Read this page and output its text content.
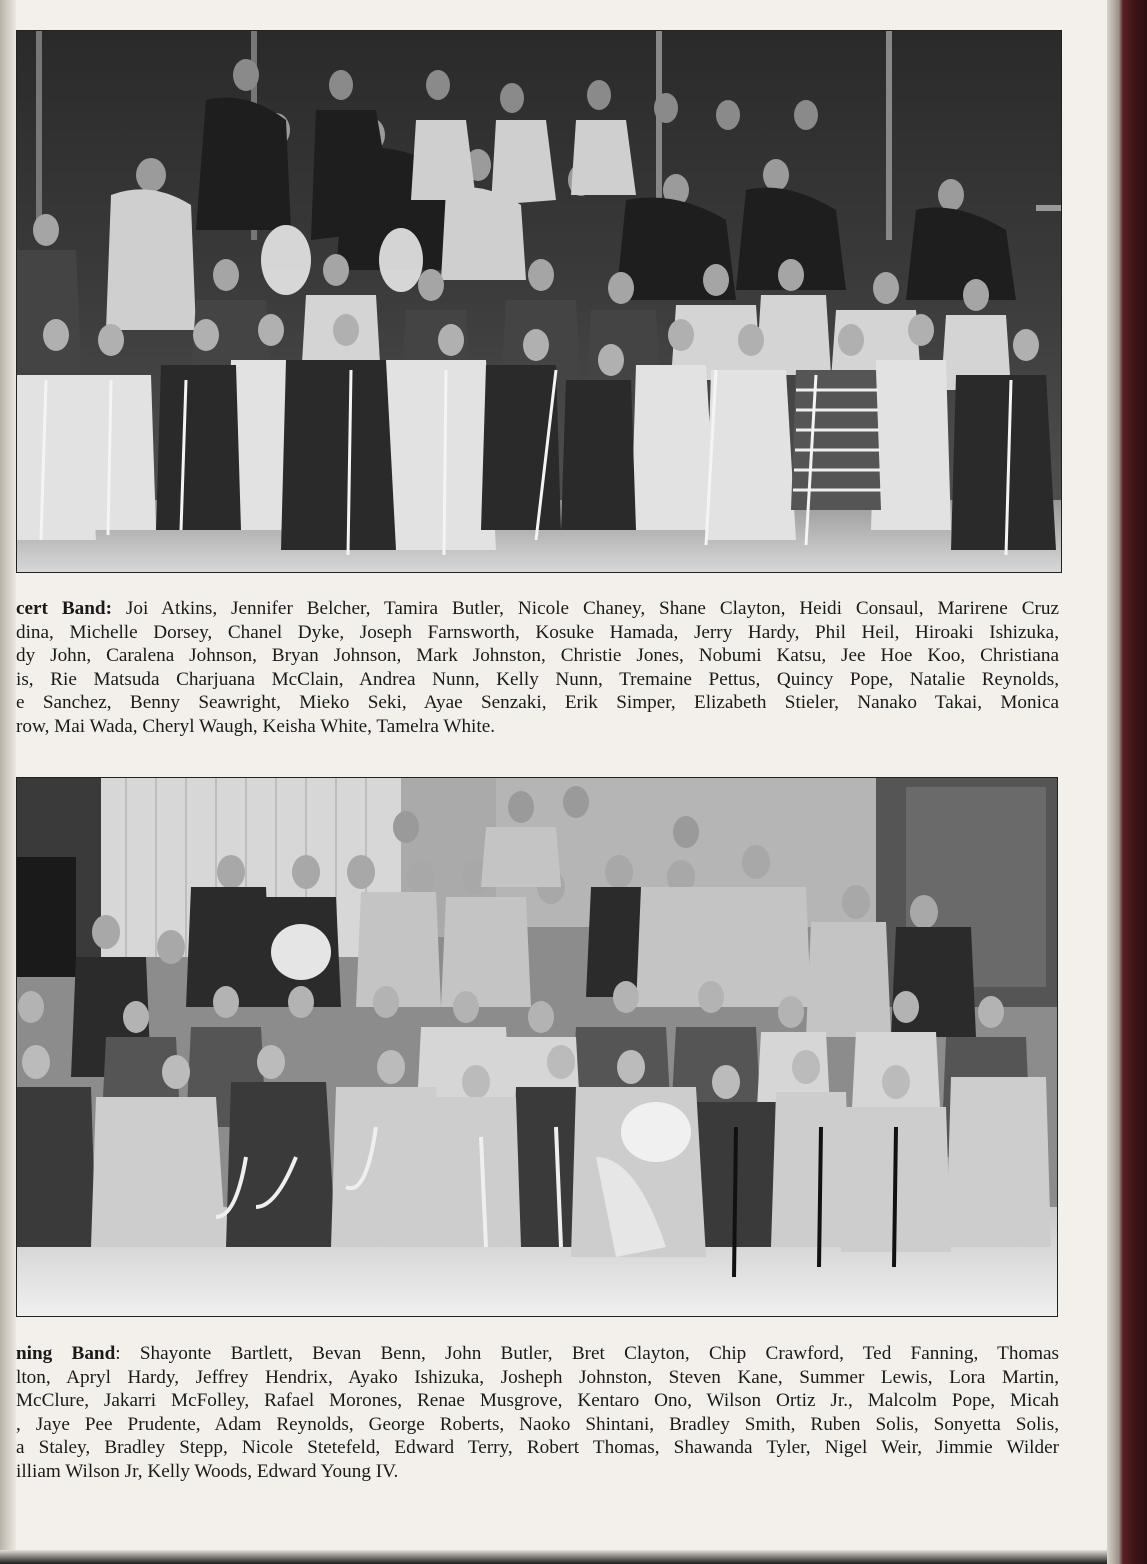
cert Band: Joi Atkins, Jennifer Belcher, Tamira Butler, Nicole Chaney, Shane Clayton, Heidi Consaul, Marirene Cruz
dina, Michelle Dorsey, Chanel Dyke, Joseph Farnsworth, Kosuke Hamada, Jerry Hardy, Phil Heil, Hiroaki Ishizuka,
dy John, Caralena Johnson, Bryan Johnson, Mark Johnston, Christie Jones, Nobumi Katsu, Jee Hoe Koo, Christiana
is, Rie Matsuda Charjuana McClain, Andrea Nunn, Kelly Nunn, Tremaine Pettus, Quincy Pope, Natalie Reynolds,
e Sanchez, Benny Seawright, Mieko Seki, Ayae Senzaki, Erik Simper, Elizabeth Stieler, Nanako Takai, Monica
row, Mai Wada, Cheryl Waugh, Keisha White, Tamelra White.
ning Band: Shayonte Bartlett, Bevan Benn, John Butler, Bret Clayton, Chip Crawford, Ted Fanning, Thomas
lton, Apryl Hardy, Jeffrey Hendrix, Ayako Ishizuka, Josheph Johnston, Steven Kane, Summer Lewis, Lora Martin,
McClure, Jakarri McFolley, Rafael Morones, Renae Musgrove, Kentaro Ono, Wilson Ortiz Jr., Malcolm Pope, Micah
, Jaye Pee Prudente, Adam Reynolds, George Roberts, Naoko Shintani, Bradley Smith, Ruben Solis, Sonyetta Solis,
a Staley, Bradley Stepp, Nicole Stetefeld, Edward Terry, Robert Thomas, Shawanda Tyler, Nigel Weir, Jimmie Wilder
illiam Wilson Jr, Kelly Woods, Edward Young IV.
